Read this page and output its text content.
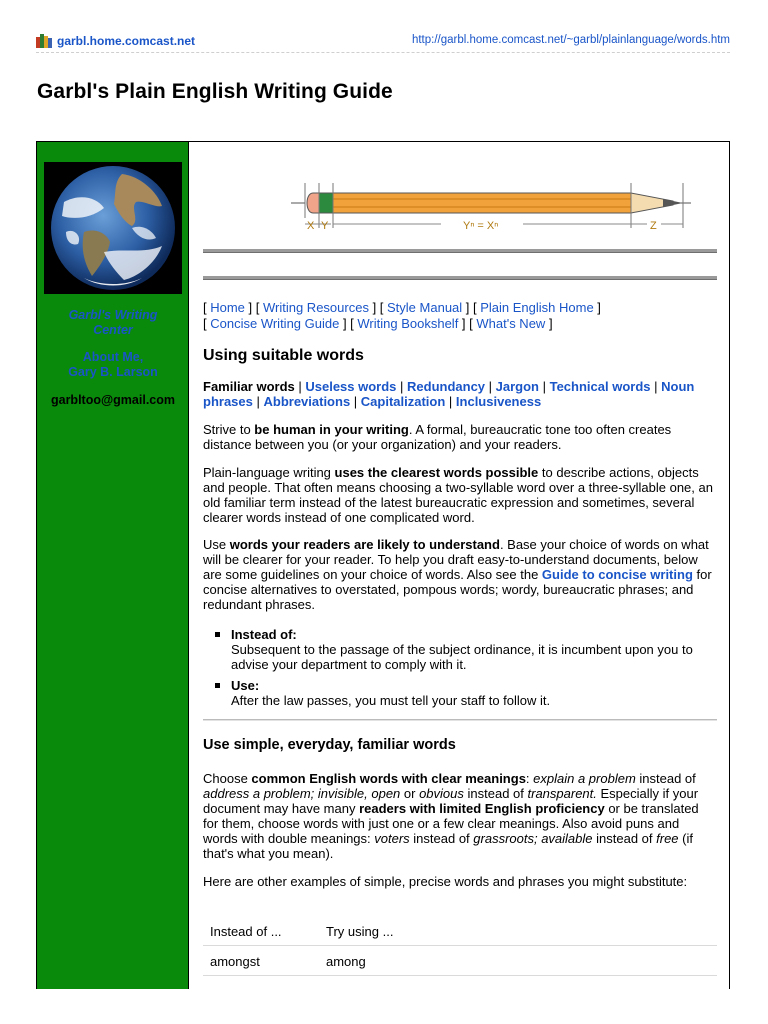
garbl.home.comcast.net	http://garbl.home.comcast.net/~garbl/plainlanguage/words.htm
Garbl's Plain English Writing Guide
Garbl's Writing
Center
About Me,
Gary B. Larson
garbltoo@gmail.com
X Y	Yⁿ = Xⁿ	Z
[ Home ] [ Writing Resources ] [ Style Manual ] [ Plain English Home ]
[ Concise Writing Guide ] [ Writing Bookshelf ] [ What's New ]
Using suitable words
Familiar words | Useless words | Redundancy | Jargon | Technical words | Noun phrases | Abbreviations | Capitalization | Inclusiveness

Strive to be human in your writing. A formal, bureaucratic tone too often creates distance between you (or your organization) and your readers.

Plain-language writing uses the clearest words possible to describe actions, objects and people. That often means choosing a two-syllable word over a three-syllable one, an old familiar term instead of the latest bureaucratic expression and sometimes, several clearer words instead of one complicated word.

Use words your readers are likely to understand. Base your choice of words on what will be clearer for your reader. To help you draft easy-to-understand documents, below are some guidelines on your choice of words. Also see the Guide to concise writing for concise alternatives to overstated, pompous words; wordy, bureaucratic phrases; and redundant phrases.

Instead of:
Subsequent to the passage of the subject ordinance, it is incumbent upon you to advise your department to comply with it.
Use:
After the law passes, you must tell your staff to follow it.
Use simple, everyday, familiar words

Choose common English words with clear meanings: explain a problem instead of address a problem; invisible, open or obvious instead of transparent. Especially if your document may have many readers with limited English proficiency or be translated for them, choose words with just one or a few clear meanings. Also avoid puns and words with double meanings: voters instead of grassroots; available instead of free (if that's what you mean).

Here are other examples of simple, precise words and phrases you might substitute:

Instead of ...	Try using ...
amongst	among
